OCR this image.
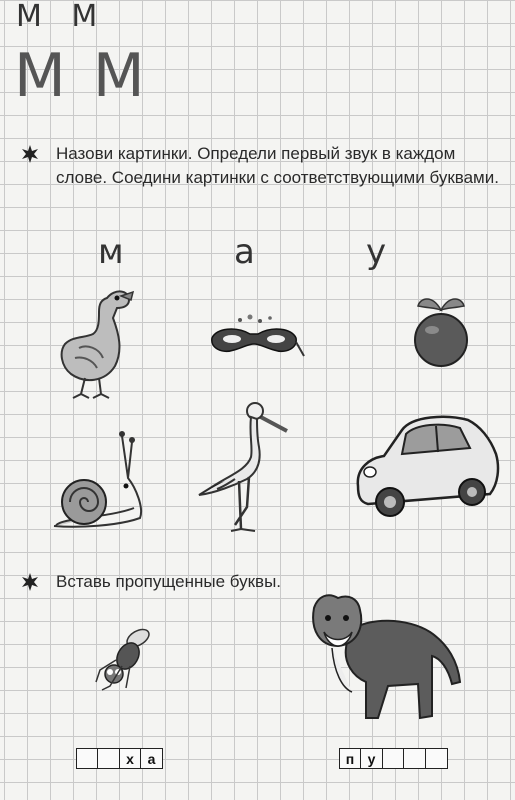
М М
М М
Назови картинки. Определи первый звук в каждом слове. Соедини картинки с соответствующими буквами.
м	а	у
Вставь пропущенные буквы.
х а	п у
